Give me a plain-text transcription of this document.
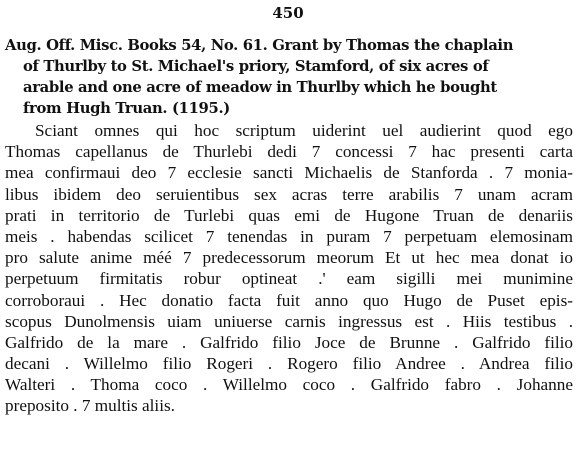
450
Aug. Off. Misc. Books 54, No. 61. Grant by Thomas the chaplain
of Thurlby to St. Michael's priory, Stamford, of six acres of
arable and one acre of meadow in Thurlby which he bought
from Hugh Truan. (1195.)
Sciant omnes qui hoc scriptum uiderint uel audierint quod ego
Thomas capellanus de Thurlebi dedi 7 concessi 7 hac presenti carta
mea confirmaui deo 7 ecclesie sancti Michaelis de Stanforda . 7 monia-
libus ibidem deo seruientibus sex acras terre arabilis 7 unam acram
prati in territorio de Turlebi quas emi de Hugone Truan de denariis
meis . habendas scilicet 7 tenendas in puram 7 perpetuam elemosinam
pro salute anime méé 7 predecessorum meorum Et ut hec mea donat io
perpetuum firmitatis robur optineat .' eam sigilli mei munimine
corroboraui . Hec donatio facta fuit anno quo Hugo de Puset epis-
scopus Dunolmensis uiam uniuerse carnis ingressus est . Hiis testibus .
Galfrido de la mare . Galfrido filio Joce de Brunne . Galfrido filio
decani . Willelmo filio Rogeri . Rogero filio Andree . Andrea filio
Walteri . Thoma coco . Willelmo coco . Galfrido fabro . Johanne
preposito . 7 multis aliis.
